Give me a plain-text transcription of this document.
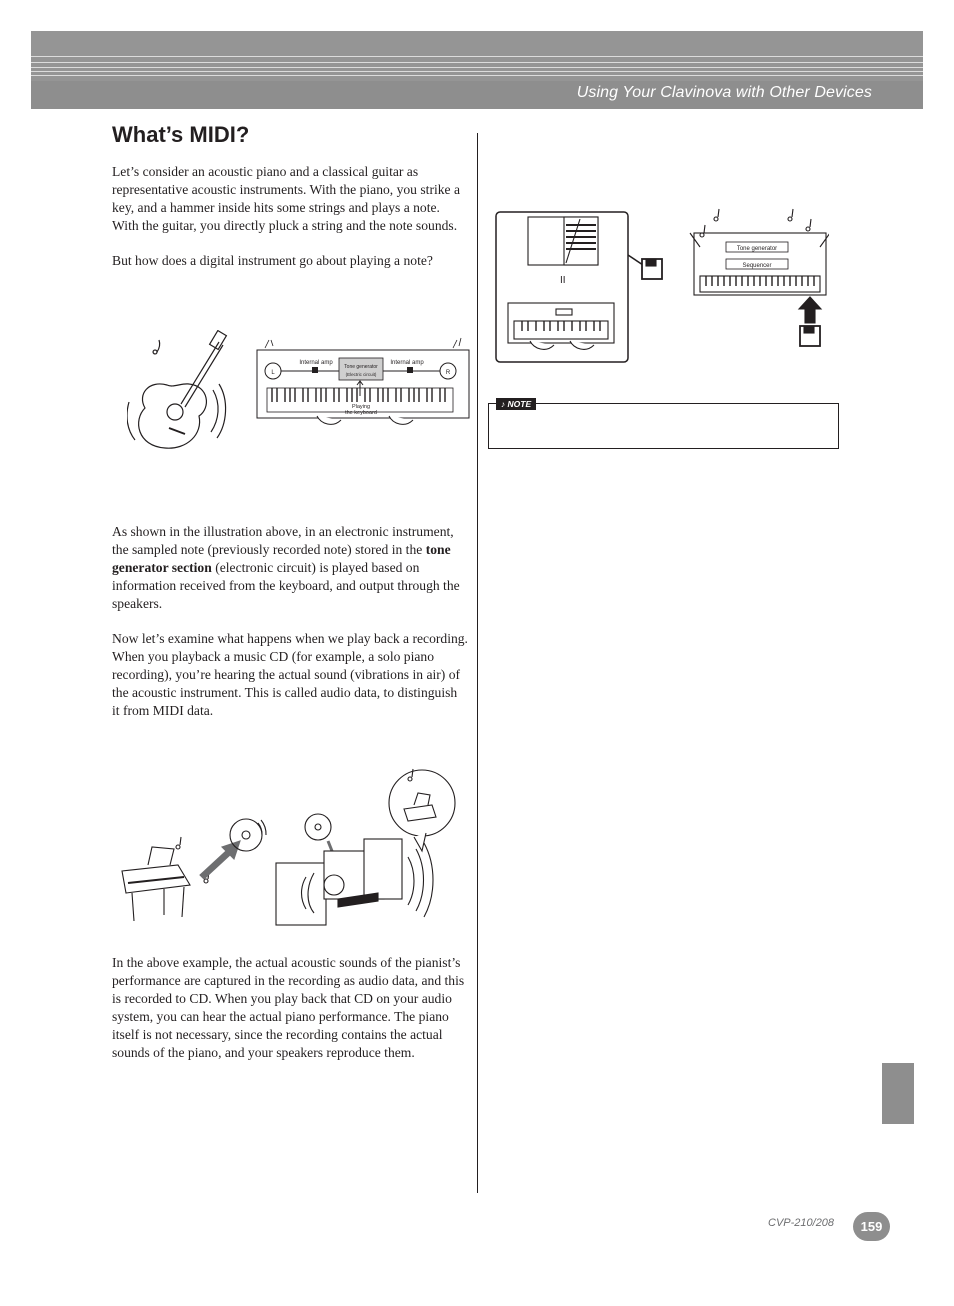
Using Your Clavinova with Other Devices
What’s MIDI?

Let’s consider an acoustic piano and a classical guitar as representative acoustic instruments. With the piano, you strike a key, and a hammer inside hits some strings and plays a note. With the guitar, you directly pluck a string and the note sounds.

But how does a digital instrument go about playing a note?

L	R
Internal amp	Internal amp
Tone generator
(Electric circuit)
Playing
the keyboard

As shown in the illustration above, in an electronic instrument, the sampled note (previously recorded note) stored in the tone generator section (electronic circuit) is played based on information received from the keyboard, and output through the speakers.

Now let’s examine what happens when we play back a recording. When you playback a music CD (for example, a solo piano recording), you’re hearing the actual sound (vibrations in air) of the acoustic instrument. This is called audio data, to distinguish it from MIDI data.

In the above example, the actual acoustic sounds of the pianist’s performance are captured in the recording as audio data, and this is recorded to CD. When you play back that CD on your audio system, you can hear the actual piano performance. The piano itself is not necessary, since the recording contains the actual sounds of the piano, and your speakers reproduce them.

II
Tone generator
Sequencer
♪ NOTE
CVP-210/208	159
